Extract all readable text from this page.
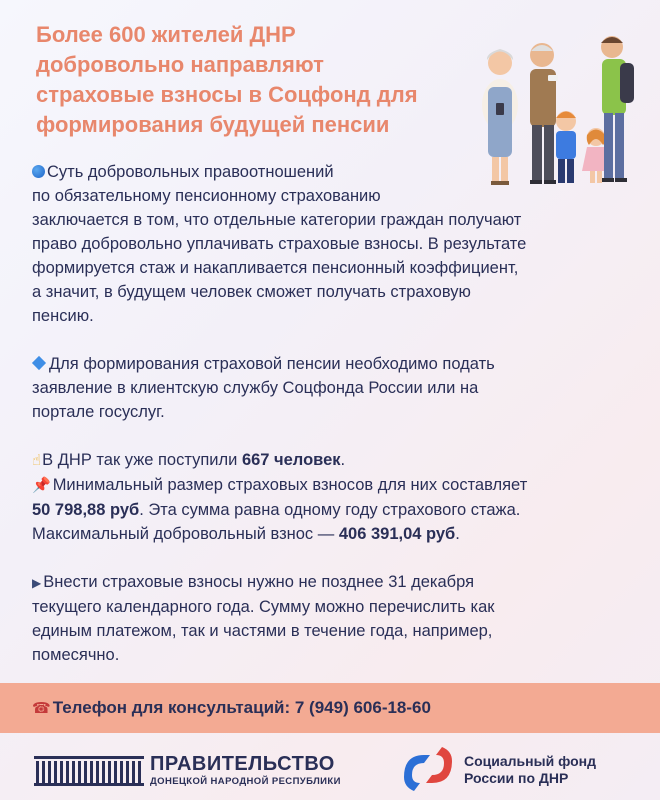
Более 600 жителей ДНР
добровольно направляют
страховые взносы в Соцфонд для
формирования будущей пенсии
Суть добровольных правоотношений
по обязательному пенсионному страхованию
заключается в том, что отдельные категории граждан получают
право добровольно уплачивать страховые взносы. В результате
формируется стаж и накапливается пенсионный коэффициент,
а значит, в будущем человек сможет получать страховую
пенсию.
Для формирования страховой пенсии необходимо подать
заявление в клиентскую службу Соцфонда России или на
портале госуслуг.
☝В ДНР так уже поступили 667 человек.
📌 Минимальный размер страховых взносов для них составляет
50 798,88 руб. Эта сумма равна одному году страхового стажа.
Максимальный добровольный взнос — 406 391,04 руб.
▶ Внести страховые взносы нужно не позднее 31 декабря
текущего календарного года. Сумму можно перечислить как
единым платежом, так и частями в течение года, например,
помесячно.
☎ Телефон для консультаций: 7 (949) 606-18-60
ПРАВИТЕЛЬСТВО
ДОНЕЦКОЙ НАРОДНОЙ РЕСПУБЛИКИ
Социальный фонд
России по ДНР
